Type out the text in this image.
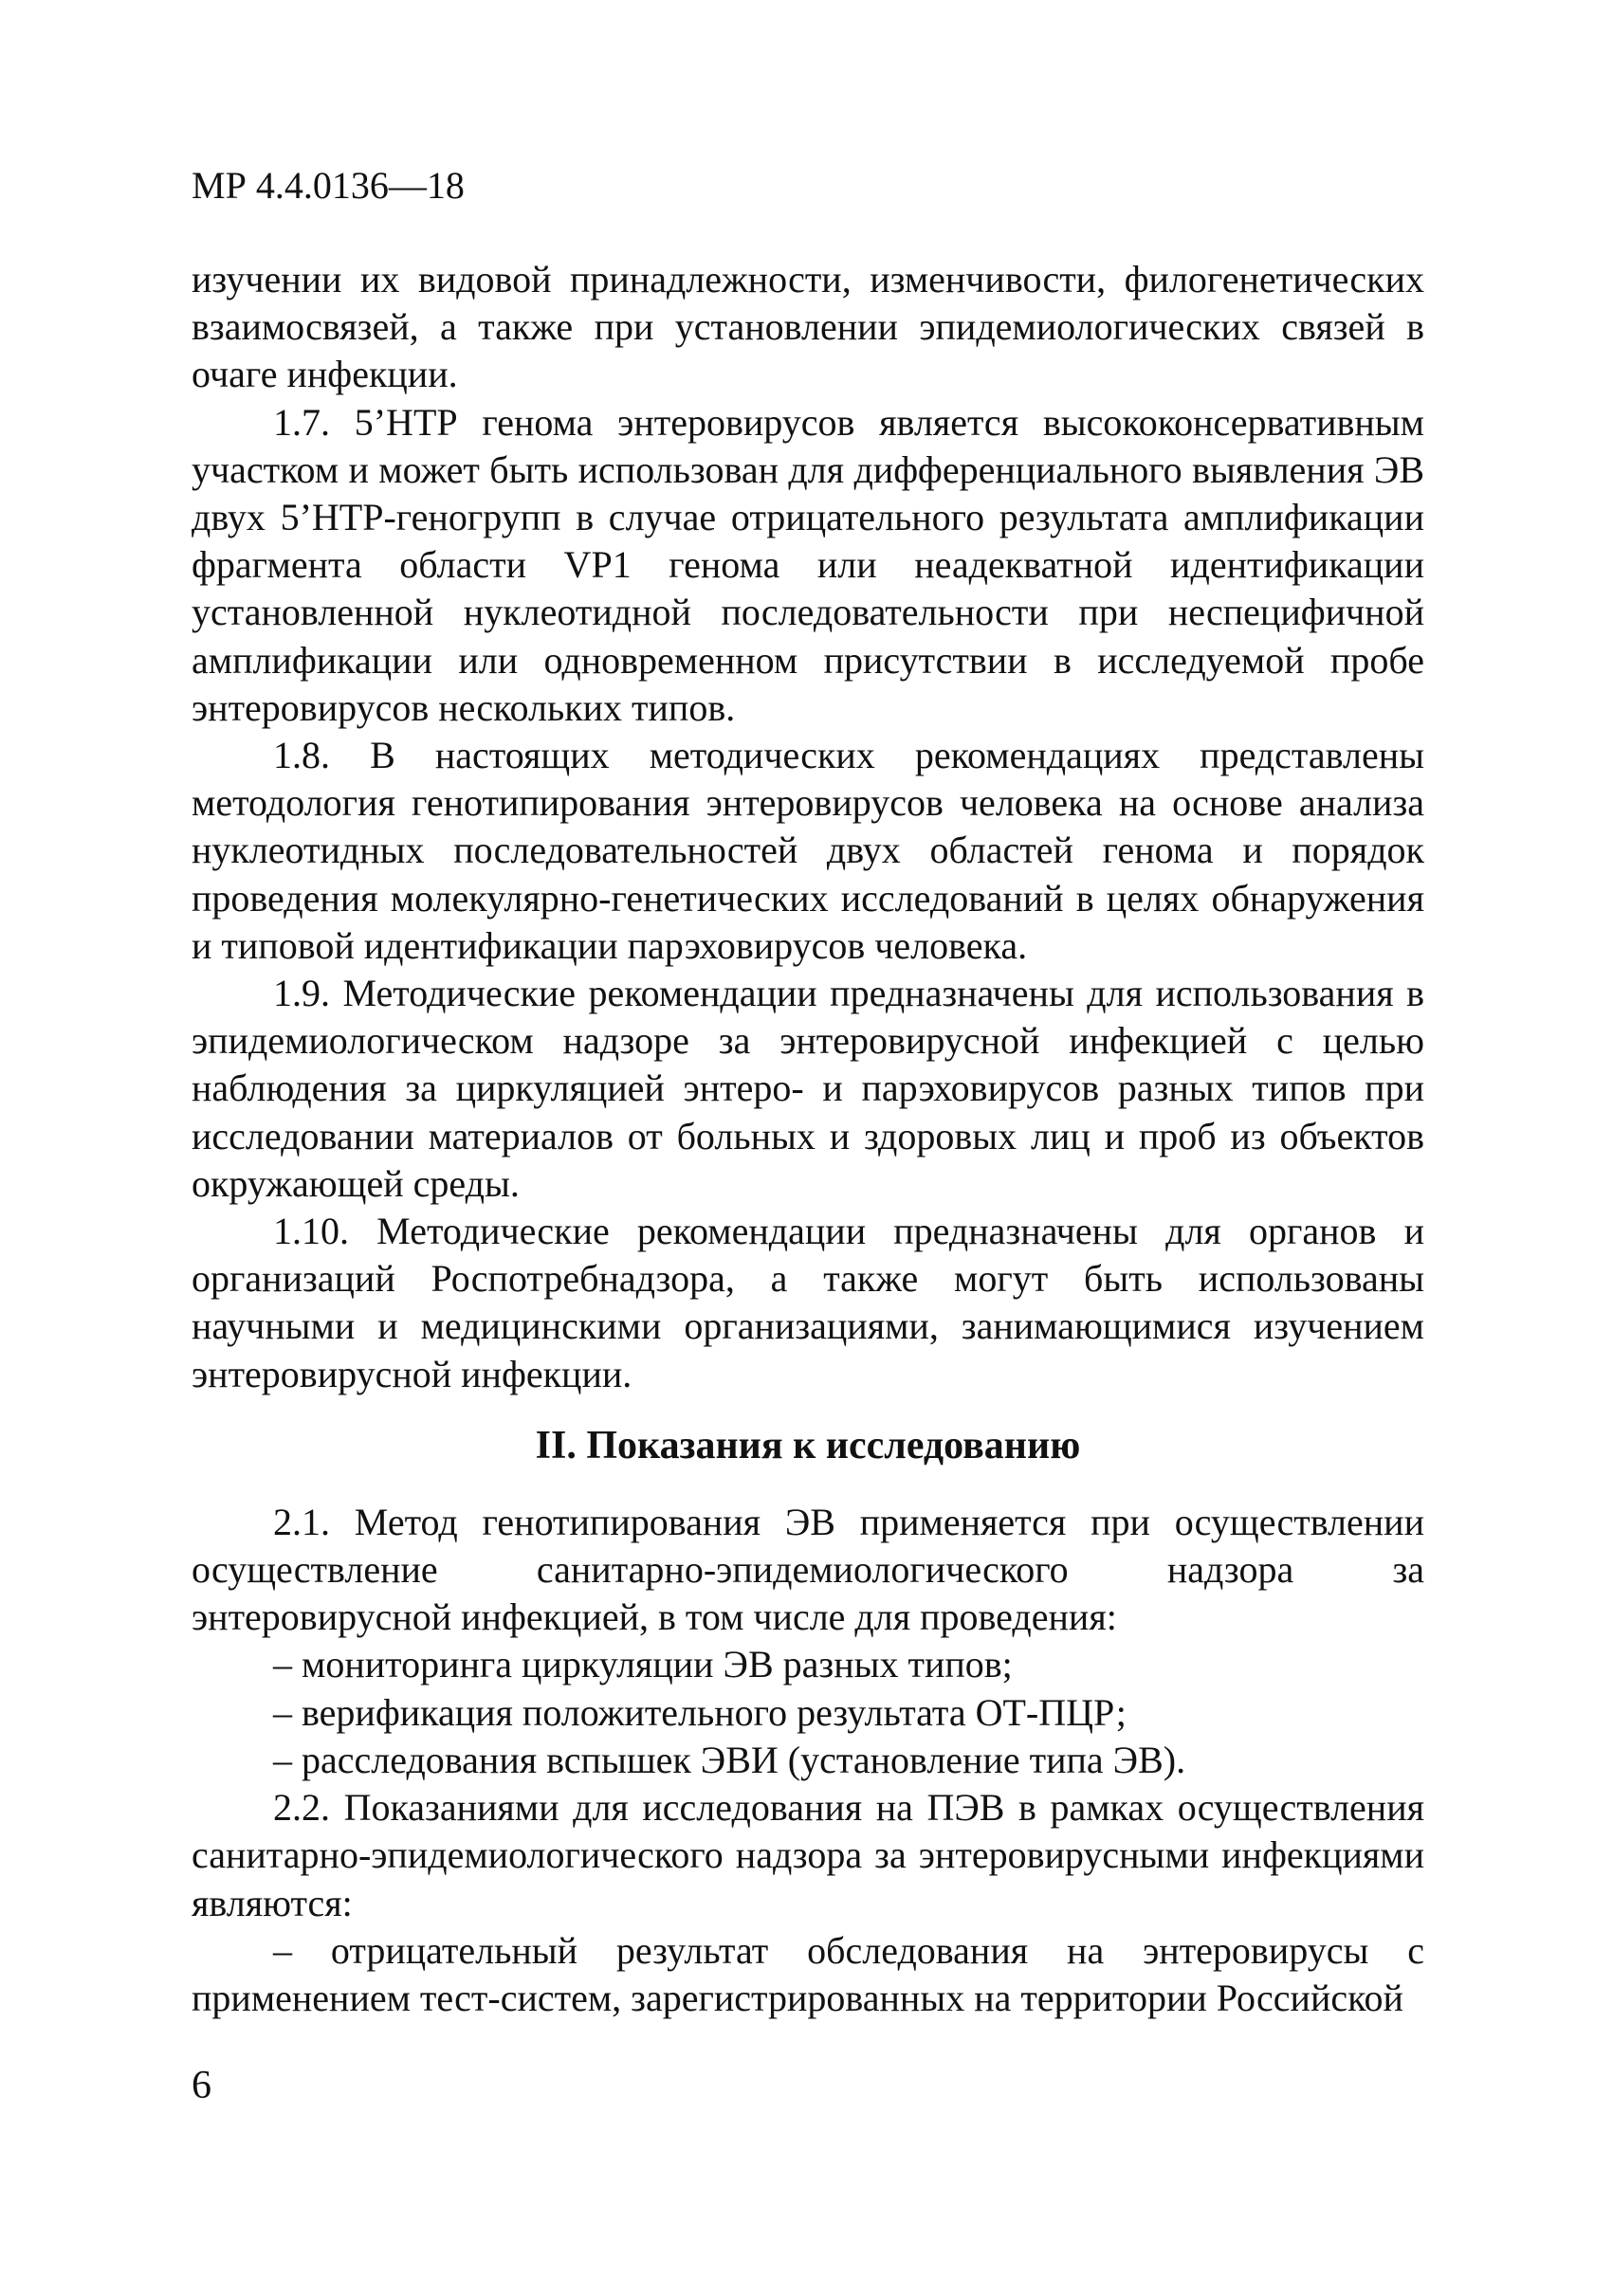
МР 4.4.0136—18

изучении их видовой принадлежности, изменчивости, филогенетических взаимосвязей, а также при установлении эпидемиологических связей в очаге инфекции.

1.7. 5’НТР генома энтеровирусов является высококонсервативным участком и может быть использован для дифференциального выявления ЭВ двух 5’НТР-геногрупп в случае отрицательного результата амплификации фрагмента области VP1 генома или неадекватной идентификации установленной нуклеотидной последовательности при неспецифичной амплификации или одновременном присутствии в исследуемой пробе энтеровирусов нескольких типов.

1.8. В настоящих методических рекомендациях представлены методология генотипирования энтеровирусов человека на основе анализа нуклеотидных последовательностей двух областей генома и порядок проведения молекулярно-генетических исследований в целях обнаружения и типовой идентификации парэховирусов человека.

1.9. Методические рекомендации предназначены для использования в эпидемиологическом надзоре за энтеровирусной инфекцией с целью наблюдения за циркуляцией энтеро- и парэховирусов разных типов при исследовании материалов от больных и здоровых лиц и проб из объектов окружающей среды.

1.10. Методические рекомендации предназначены для органов и организаций Роспотребнадзора, а также могут быть использованы научными и медицинскими организациями, занимающимися изучением энтеровирусной инфекции.

II. Показания к исследованию

2.1. Метод генотипирования ЭВ применяется при осуществлении осуществление санитарно-эпидемиологического надзора за энтеровирусной инфекцией, в том числе для проведения:

– мониторинга циркуляции ЭВ разных типов;

– верификация положительного результата ОТ-ПЦР;

– расследования вспышек ЭВИ (установление типа ЭВ).

2.2. Показаниями для исследования на ПЭВ в рамках осуществления санитарно-эпидемиологического надзора за энтеровирусными инфекциями являются:

– отрицательный результат обследования на энтеровирусы с применением тест-систем, зарегистрированных на территории Российской

6
